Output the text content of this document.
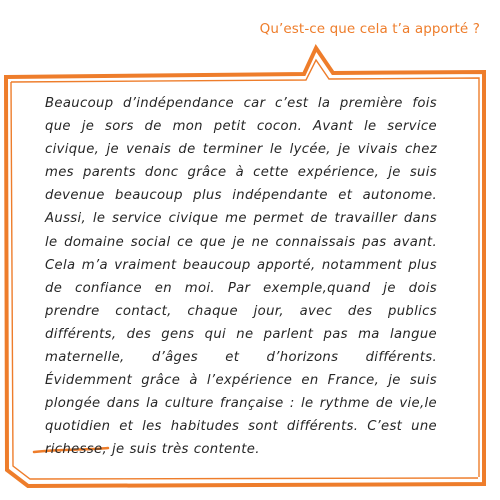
Qu’est-ce que cela t’a apporté ?

Beaucoup d’indépendance car c’est la première fois que je sors de mon petit cocon. Avant le service civique, je venais de terminer le lycée, je vivais chez mes parents donc grâce à cette expérience, je suis devenue beaucoup plus indépendante et autonome. Aussi, le service civique me permet de travailler dans le domaine social ce que je ne connaissais pas avant. Cela m’a vraiment beaucoup apporté, notamment plus de confiance en moi. Par exemple,quand je dois prendre contact, chaque jour, avec des publics différents, des gens qui ne parlent pas ma langue maternelle, d’âges et d’horizons différents. Évidemment grâce à l’expérience en France, je suis plongée dans la culture française : le rythme de vie,le quotidien et les habitudes sont différents. C’est une richesse, je suis très contente.
